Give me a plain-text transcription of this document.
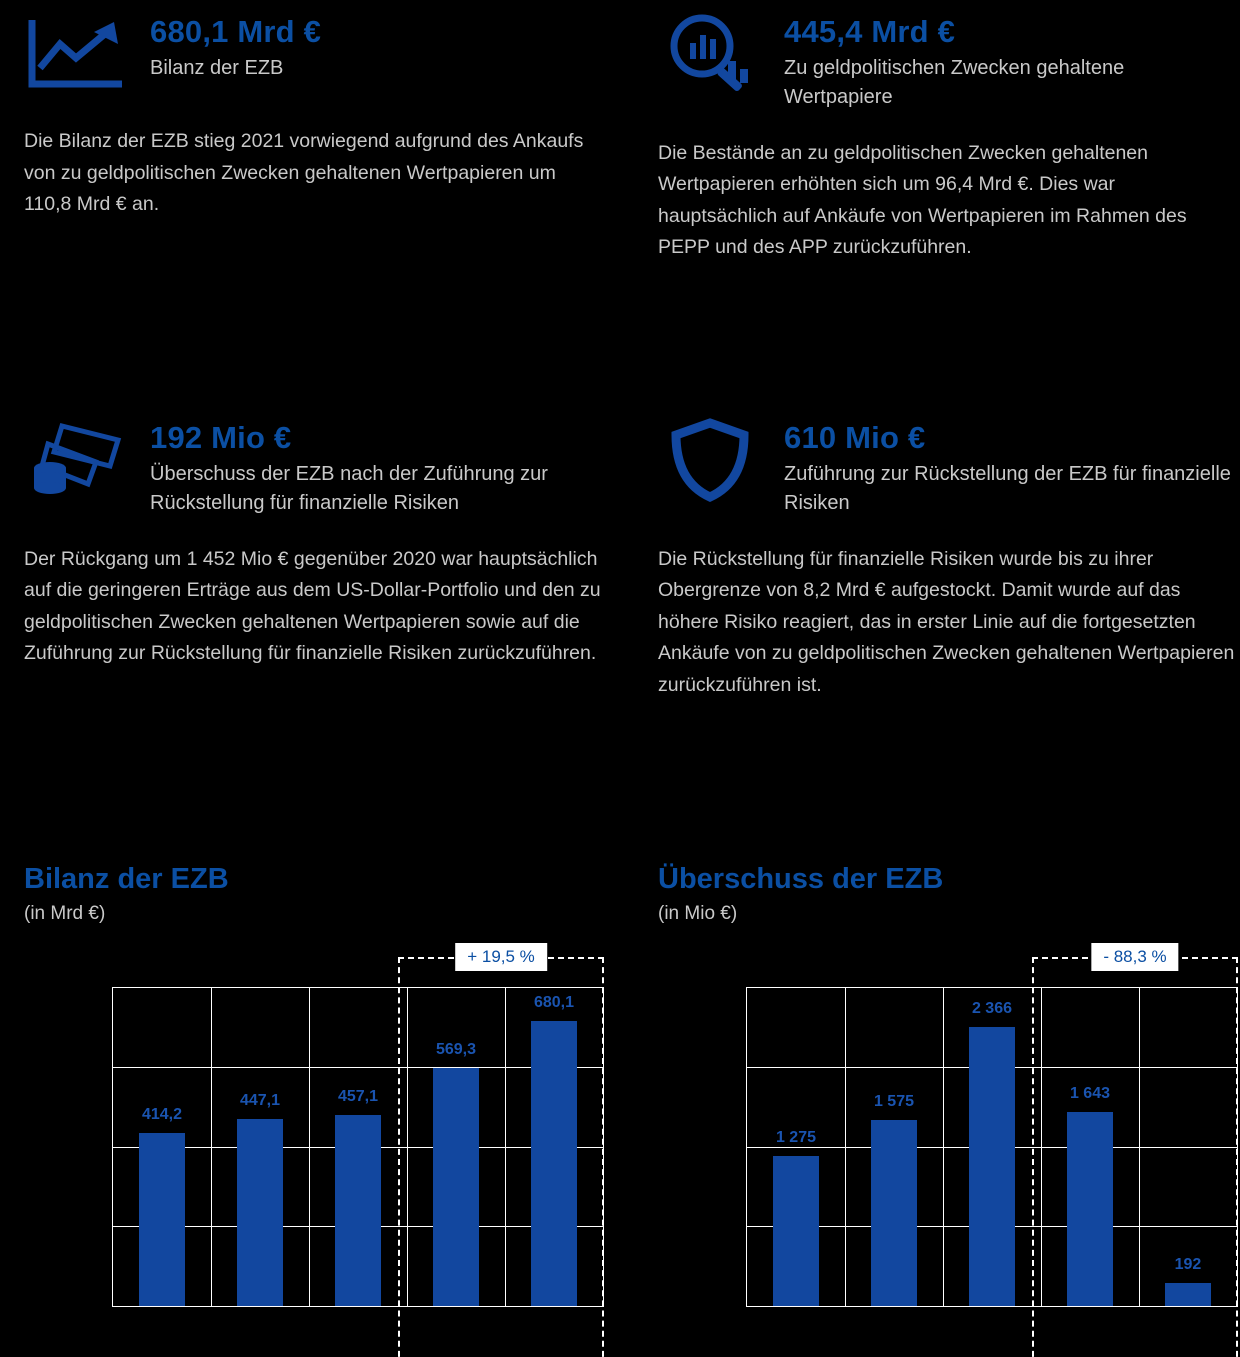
680,1 Mrd €
Bilanz der EZB
Die Bilanz der EZB stieg 2021 vorwiegend aufgrund des Ankaufs von zu geldpolitischen Zwecken gehaltenen Wertpapieren um 110,8 Mrd € an.
445,4 Mrd €
Zu geldpolitischen Zwecken gehaltene Wertpapiere
Die Bestände an zu geldpolitischen Zwecken gehaltenen Wertpapieren erhöhten sich um 96,4 Mrd €. Dies war hauptsächlich auf Ankäufe von Wertpapieren im Rahmen des PEPP und des APP zurückzuführen.
192 Mio €
Überschuss der EZB nach der Zuführung zur Rückstellung für finanzielle Risiken
Der Rückgang um 1 452 Mio € gegenüber 2020 war hauptsächlich auf die geringeren Erträge aus dem US-Dollar-Portfolio und den zu geldpolitischen Zwecken gehaltenen Wertpapieren sowie auf die Zuführung zur Rückstellung für finanzielle Risiken zurückzuführen.
610 Mio €
Zuführung zur Rückstellung der EZB für finanzielle Risiken
Die Rückstellung für finanzielle Risiken wurde bis zu ihrer Obergrenze von 8,2 Mrd € aufgestockt. Damit wurde auf das höhere Risiko reagiert, das in erster Linie auf die fortgesetzten Ankäufe von zu geldpolitischen Zwecken gehaltenen Wertpapieren zurückzuführen ist.
Bilanz der EZB
(in Mrd €)
+ 19,5 %
414,2
447,1	457,1
569,3
680,1
Überschuss der EZB
(in Mio €)
- 88,3 %
1 275
1 575
2 366
1 643
192
